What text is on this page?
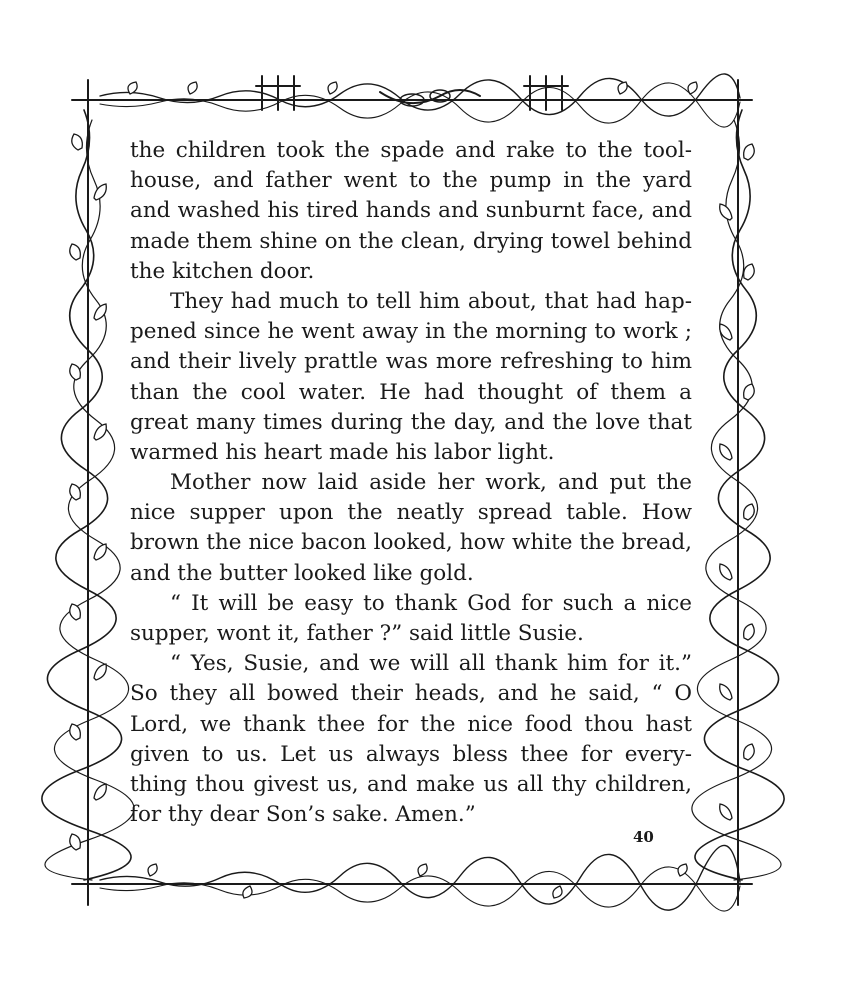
the children took the spade and rake to the tool-
house, and father went to the pump in the yard
and washed his tired hands and sunburnt face, and
made them shine on the clean, drying towel behind
the kitchen door.
They had much to tell him about, that had hap-
pened since he went away in the morning to work ;
and their lively prattle was more refreshing to him
than the cool water. He had thought of them a
great many times during the day, and the love that
warmed his heart made his labor light.
Mother now laid aside her work, and put the
nice supper upon the neatly spread table. How
brown the nice bacon looked, how white the bread,
and the butter looked like gold.
“ It will be easy to thank God for such a nice
supper, wont it, father ?” said little Susie.
“ Yes, Susie, and we will all thank him for it.”
So they all bowed their heads, and he said, “ O
Lord, we thank thee for the nice food thou hast
given to us. Let us always bless thee for every-
thing thou givest us, and make us all thy children,
for thy dear Son’s sake. Amen.”
40
